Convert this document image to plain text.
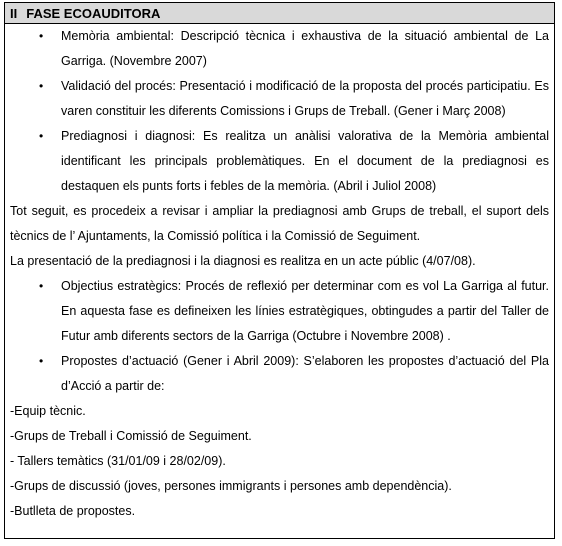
II FASE ECOAUDITORA
• Memòria ambiental: Descripció tècnica i exhaustiva de la situació ambiental de La Garriga. (Novembre 2007)
• Validació del procés: Presentació i modificació de la proposta del procés participatiu. Es varen constituir les diferents Comissions i Grups de Treball. (Gener i Març 2008)
• Prediagnosi i diagnosi: Es realitza un anàlisi valorativa de la Memòria ambiental identificant les principals problemàtiques. En el document de la prediagnosi es destaquen els punts forts i febles de la memòria. (Abril i Juliol 2008)
Tot seguit, es procedeix a revisar i ampliar la prediagnosi amb Grups de treball, el suport dels tècnics de l’ Ajuntaments, la Comissió política i la Comissió de Seguiment.
La presentació de la prediagnosi i la diagnosi es realitza en un acte públic (4/07/08).
• Objectius estratègics: Procés de reflexió per determinar com es vol La Garriga al futur. En aquesta fase es defineixen les línies estratègiques, obtingudes a partir del Taller de Futur amb diferents sectors de la Garriga (Octubre i Novembre 2008) .
• Propostes d’actuació (Gener i Abril 2009): S’elaboren les propostes d’actuació del Pla d’Acció a partir de:
-Equip tècnic.
-Grups de Treball i Comissió de Seguiment.
- Tallers temàtics (31/01/09 i 28/02/09).
-Grups de discussió (joves, persones immigrants i persones amb dependència).
-Butlleta de propostes.
